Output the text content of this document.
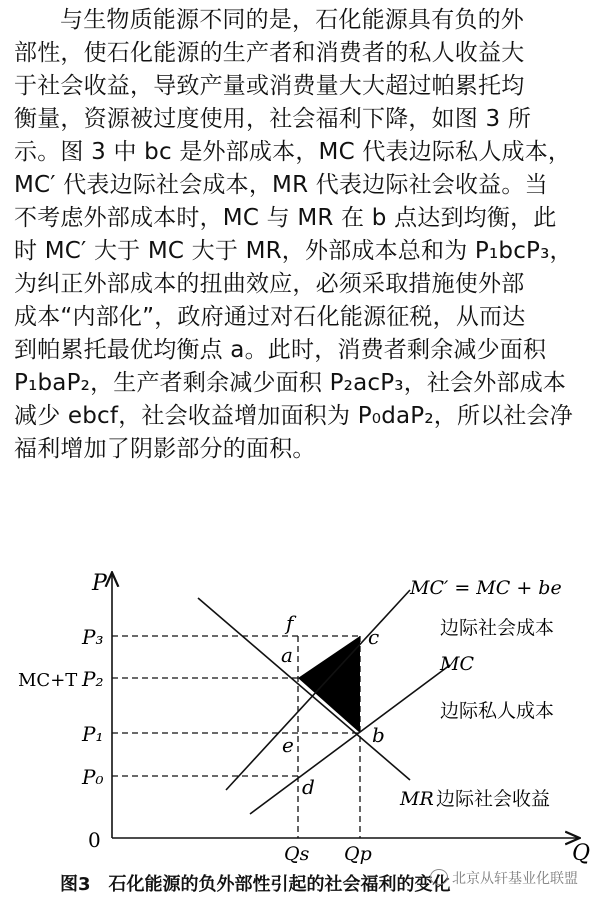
与生物质能源不同的是，石化能源具有负的外
部性，使石化能源的生产者和消费者的私人收益大
于社会收益，导致产量或消费量大大超过帕累托均
衡量，资源被过度使用，社会福利下降，如图 3 所
示。图 3 中 bc 是外部成本，MC 代表边际私人成本，
MC′ 代表边际社会成本，MR 代表边际社会收益。当
不考虑外部成本时，MC 与 MR 在 b 点达到均衡，此
时 MC′ 大于 MC 大于 MR，外部成本总和为 P₁bcP₃，
为纠正外部成本的扭曲效应，必须采取措施使外部
成本“内部化”，政府通过对石化能源征税，从而达
到帕累托最优均衡点 a。此时，消费者剩余减少面积
P₁baP₂，生产者剩余减少面积 P₂acP₃，社会外部成本
减少 ebcf，社会收益增加面积为 P₀daP₂，所以社会净
福利增加了阴影部分的面积。

P
Q
0
P₃
P₂
P₁
P₀
MC+T
Qs Qp
f
a
c
e	b
d
MC′ = MC + be
边际社会成本
MC
边际私人成本
MR 边际社会收益
图3　石化能源的负外部性引起的社会福利的变化 北京从轩基业化联盟
